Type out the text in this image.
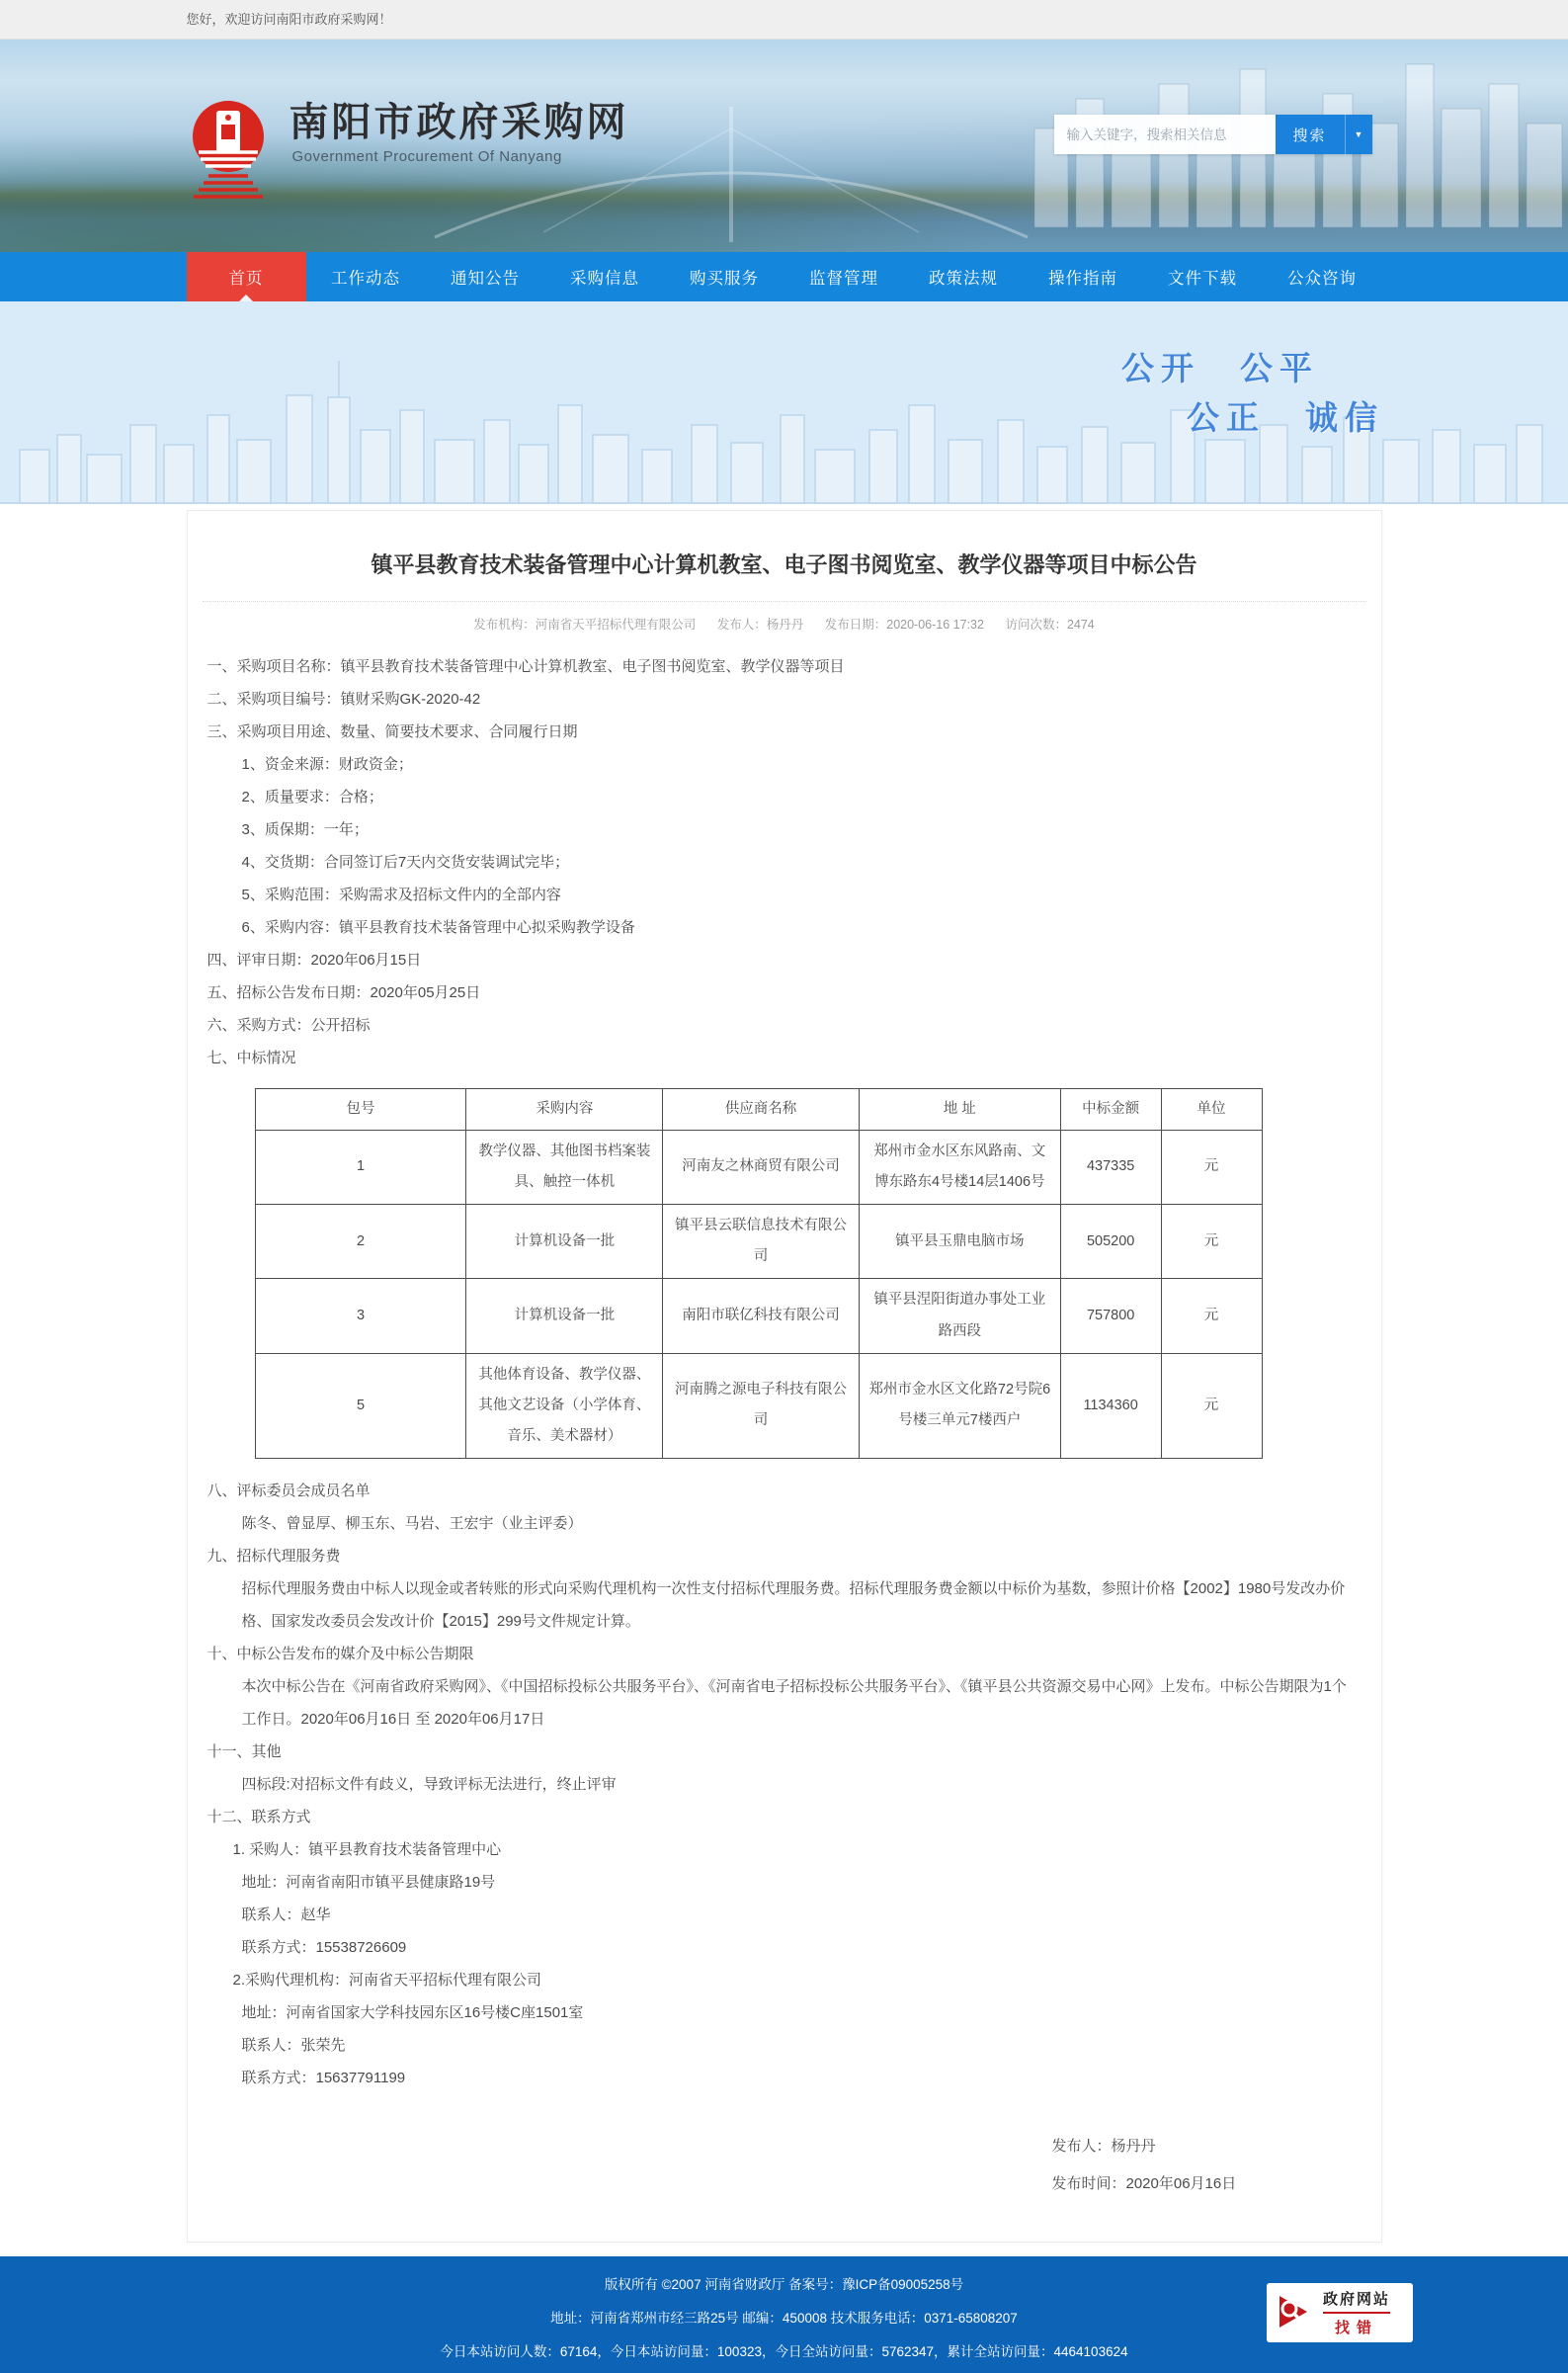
您好，欢迎访问南阳市政府采购网！
南阳市政府采购网
Government Procurement Of Nanyang
输入关键字，搜索相关信息
搜索	▼
首页	工作动态	通知公告	采购信息	购买服务	监督管理	政策法规	操作指南	文件下载	公众咨询
公开　公平
公正　诚信
镇平县教育技术装备管理中心计算机教室、电子图书阅览室、教学仪器等项目中标公告
发布机构：河南省天平招标代理有限公司 发布人：杨丹丹 发布日期：2020-06-16 17:32 访问次数：2474

一、采购项目名称：镇平县教育技术装备管理中心计算机教室、电子图书阅览室、教学仪器等项目

二、采购项目编号：镇财采购GK-2020-42

三、采购项目用途、数量、简要技术要求、合同履行日期

1、资金来源：财政资金；

2、质量要求：合格；

3、质保期：一年；

4、交货期：合同签订后7天内交货安装调试完毕；

5、采购范围：采购需求及招标文件内的全部内容

6、采购内容：镇平县教育技术装备管理中心拟采购教学设备

四、评审日期：2020年06月15日

五、招标公告发布日期：2020年05月25日

六、采购方式：公开招标

七、中标情况

包号	采购内容	供应商名称	地 址	中标金额	单位
1	教学仪器、其他图书档案装具、触控一体机	河南友之林商贸有限公司	郑州市金水区东风路南、文博东路东4号楼14层1406号	437335	元
2	计算机设备一批	镇平县云联信息技术有限公司	镇平县玉鼎电脑市场	505200	元
3	计算机设备一批	南阳市联亿科技有限公司	镇平县涅阳街道办事处工业路西段	757800	元
5	其他体育设备、教学仪器、其他文艺设备（小学体育、音乐、美术器材）	河南腾之源电子科技有限公司	郑州市金水区文化路72号院6号楼三单元7楼西户	1134360	元

八、评标委员会成员名单

陈冬、曾显厚、柳玉东、马岩、王宏宇（业主评委）

九、招标代理服务费

招标代理服务费由中标人以现金或者转账的形式向采购代理机构一次性支付招标代理服务费。招标代理服务费金额以中标价为基数，参照计价格【2002】1980号发改办价格、国家发改委员会发改计价【2015】299号文件规定计算。

十、中标公告发布的媒介及中标公告期限

本次中标公告在《河南省政府采购网》、《中国招标投标公共服务平台》、《河南省电子招标投标公共服务平台》、《镇平县公共资源交易中心网》上发布。中标公告期限为1个工作日。2020年06月16日 至 2020年06月17日

十一、其他

四标段:对招标文件有歧义，导致评标无法进行，终止评审

十二、联系方式

1. 采购人：镇平县教育技术装备管理中心

地址：河南省南阳市镇平县健康路19号

联系人：赵华

联系方式：15538726609

2.采购代理机构：河南省天平招标代理有限公司

地址：河南省国家大学科技园东区16号楼C座1501室

联系人：张荣先

联系方式：15637791199

发布人：杨丹丹
发布时间：2020年06月16日
版权所有 ©2007 河南省财政厅 备案号：豫ICP备09005258号
地址：河南省郑州市经三路25号 邮编：450008 技术服务电话：0371-65808207
今日本站访问人数：67164，今日本站访问量：100323，今日全站访问量：5762347，累计全站访问量：4464103624
政府网站
找错
